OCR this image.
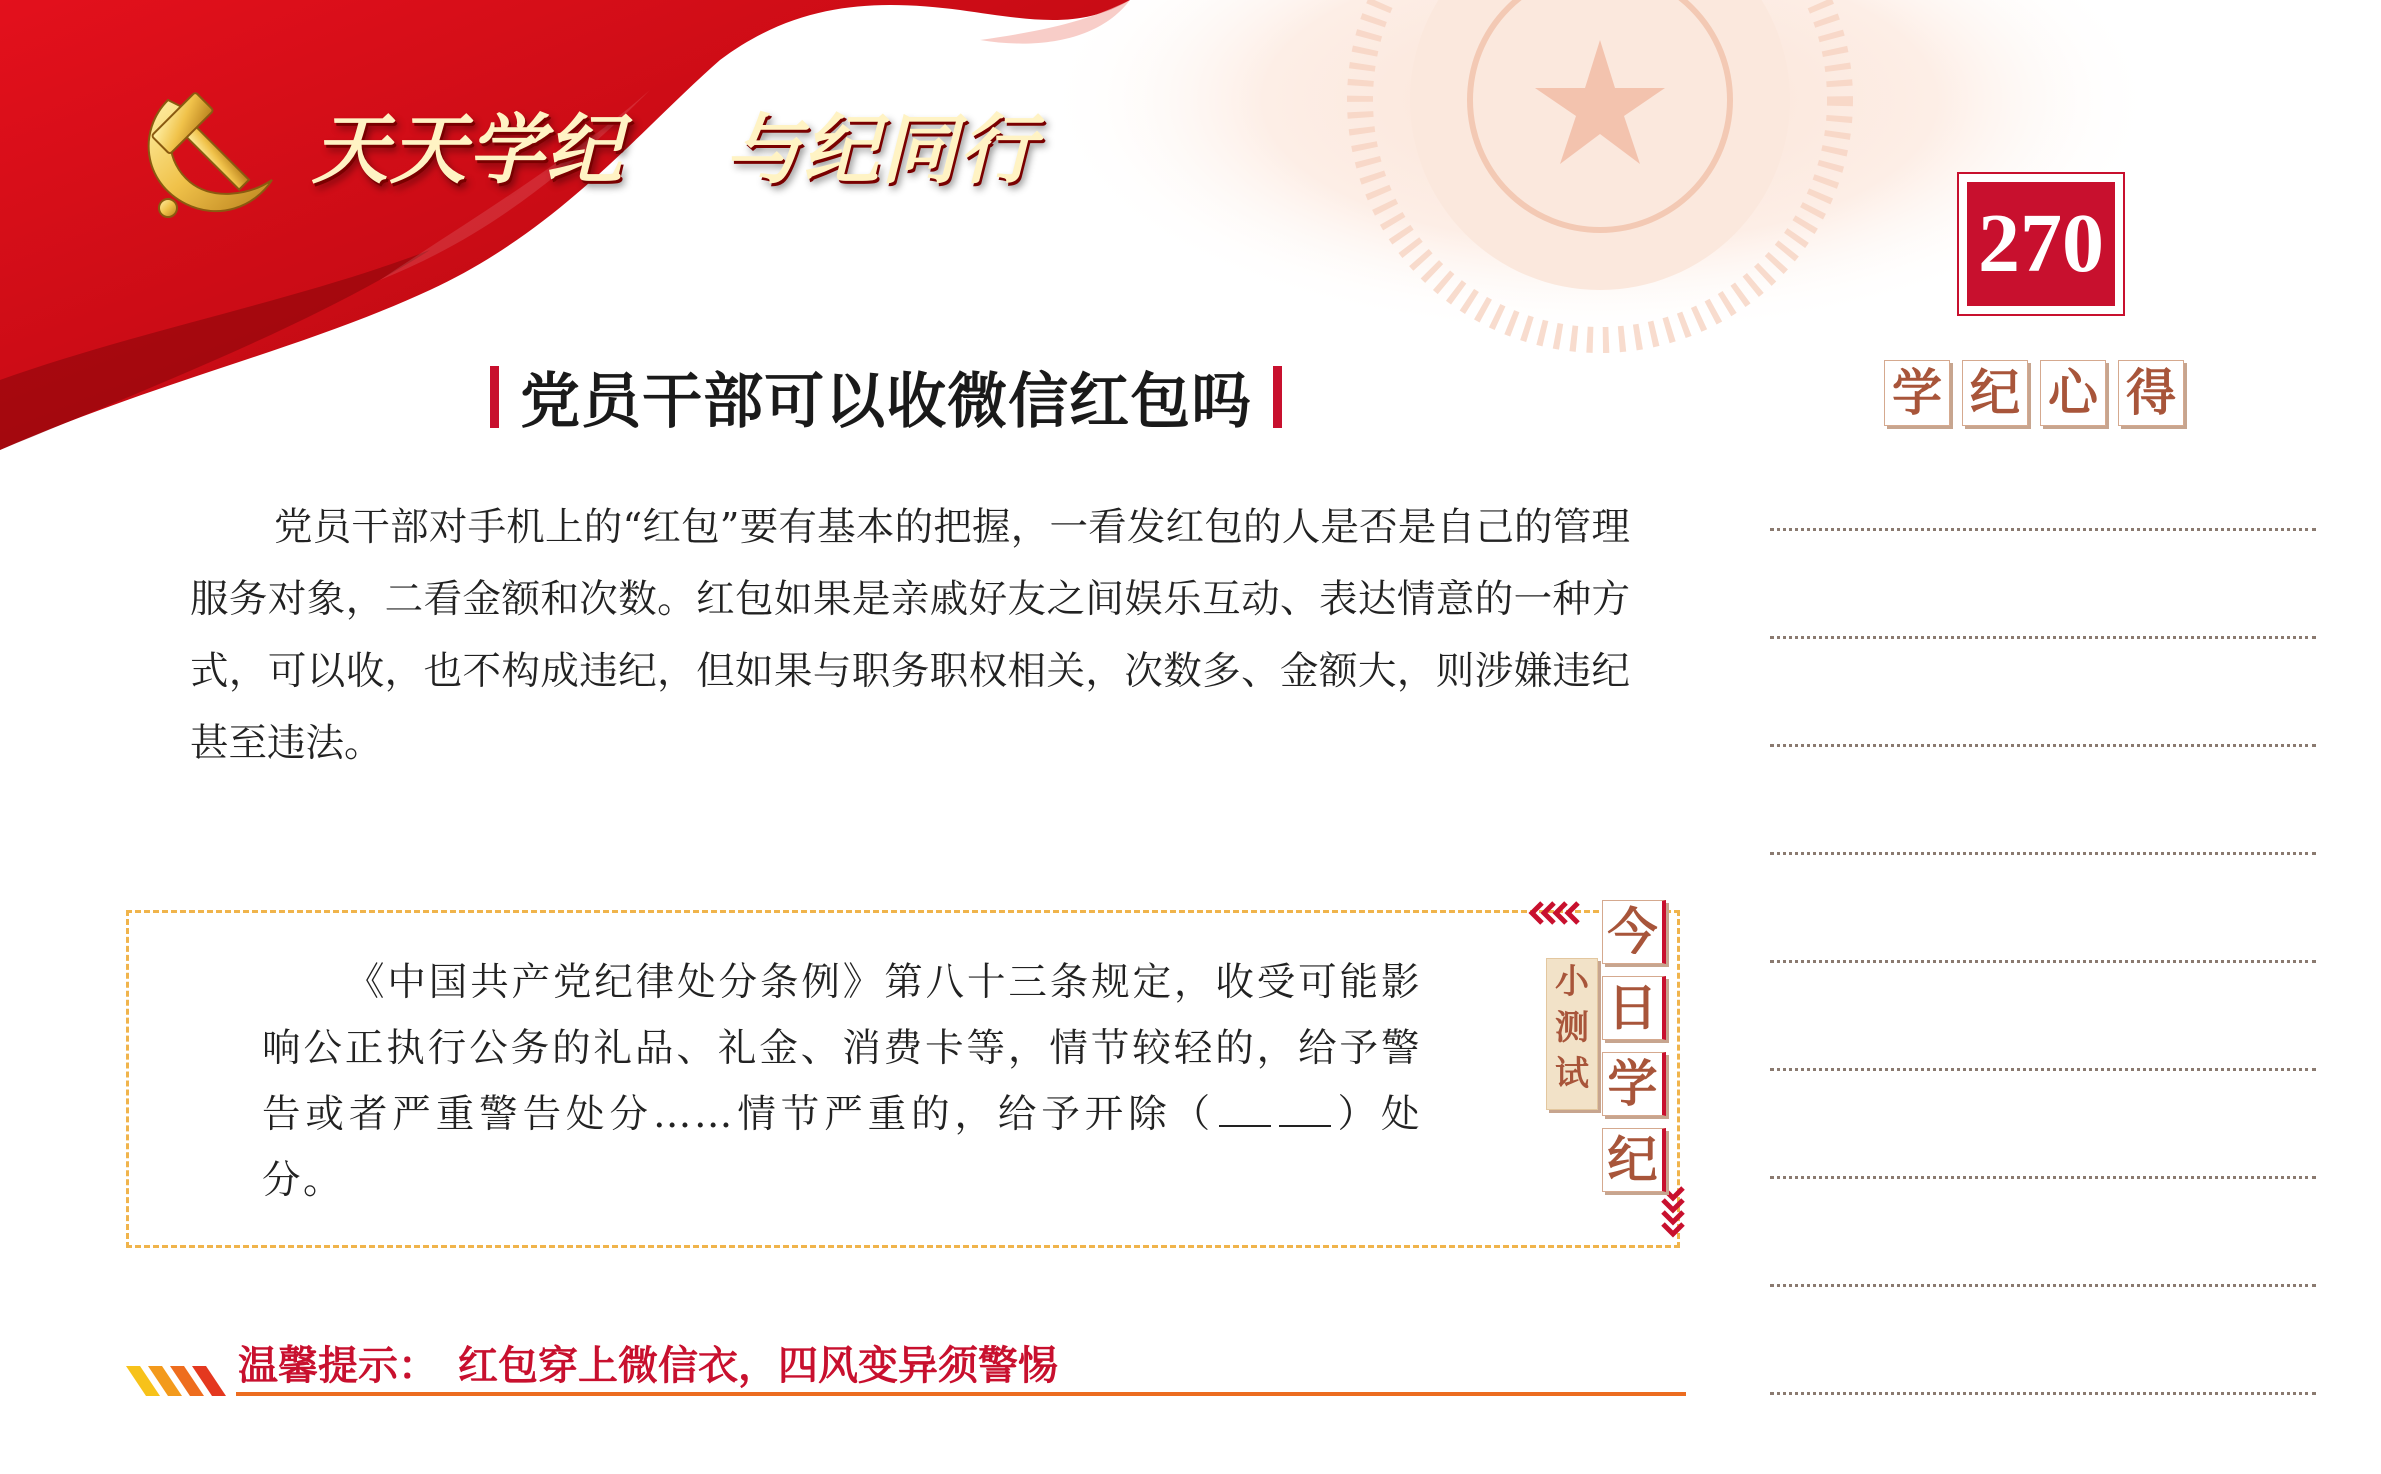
天天学纪 与纪同行
270
学 纪 心 得
党员干部可以收微信红包吗

党员干部对手机上的“红包”要有基本的把握，一看发红包的人是否是自己的管理服务对象，二看金额和次数。红包如果是亲戚好友之间娱乐互动、表达情意的一种方式，可以收，也不构成违纪，但如果与职务职权相关，次数多、金额大，则涉嫌违纪甚至违法。

《中国共产党纪律处分条例》第八十三条规定，收受可能影响公正执行公务的礼品、礼金、消费卡等，情节较轻的，给予警告或者严重警告处分……情节严重的，给予开除（	）处分。

小
测
试
今
日
学
纪
温馨提示： 红包穿上微信衣，四风变异须警惕
